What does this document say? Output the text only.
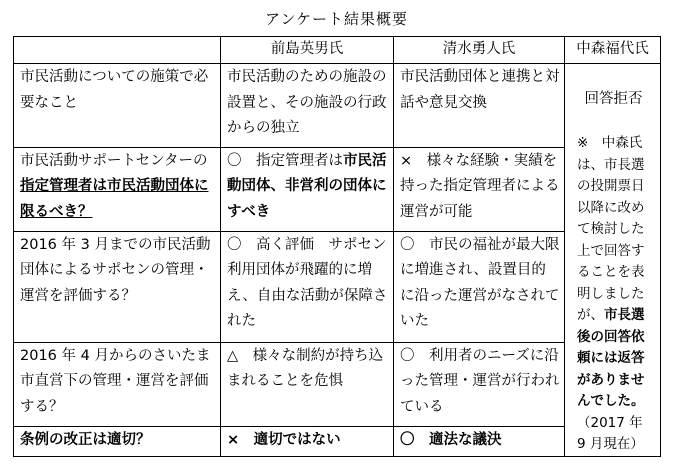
アンケート結果概要
	前島英男氏	清水勇人氏	中森福代氏
市民活動についての施策で必要なこと	市民活動のための施設の設置と、その施設の行政からの独立	市民活動団体と連携と対話や意見交換	回答拒否
※　中森氏は、市長選の投開票日以降に改めて検討した上で回答することを表明しましたが、市長選後の回答依頼には返答がありませんでした。（2017 年 9 月現在）

市民活動サポートセンターの指定管理者は市民活動団体に限るべき？	〇　指定管理者は市民活動団体、非営利の団体にすべき	×　様々な経験・実績を持った指定管理者による運営が可能	
2016 年 3 月までの市民活動団体によるサポセンの管理・運営を評価する？	〇　高く評価　サポセン利用団体が飛躍的に増え、自由な活動が保障された	〇　市民の福祉が最大限に増進され、設置目的に沿った運営がなされていた	
2016 年 4 月からのさいたま市直営下の管理・運営を評価する？	△　様々な制約が持ち込まれることを危惧	〇　利用者のニーズに沿った管理・運営が行われている	
条例の改正は適切？	×　適切ではない	〇　適法な議決	
